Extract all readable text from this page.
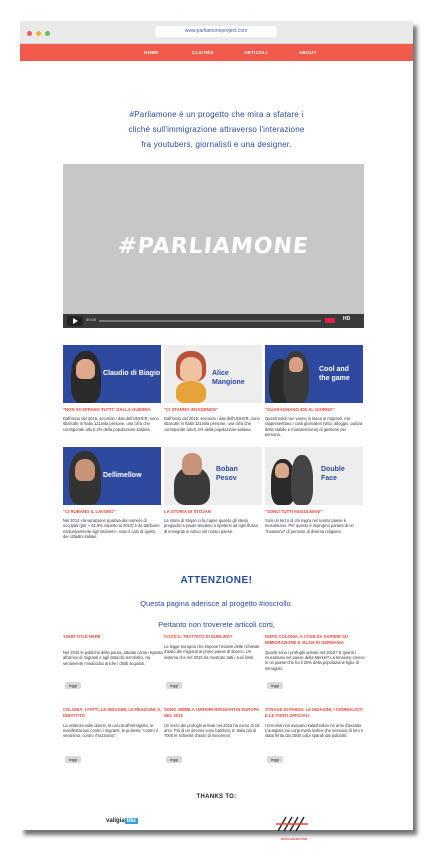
www.parliamoneproject.com
HOME	CLICHÈS	ARTICOLI	ABOUT
#Parliamone è un progetto che mira a sfatare i
cliché sull'immigrazione attraverso l'interazione
fra youtubers, giornalisti e una designer.
#PARLIAMONE
00:00	HD
Claudio di Biagio
"NON SCAPPANO TUTTI" DALLA GUERRA
Dall'inizio del 2015, secondo i dati dell'UNHCR, sono sbarcate in Italia 121mila persone, una cifra che corrisponde allo 0,2% della popolazione italiana.
Alice Mangione
"CI STANNO INVADENDO"
Dall'inizio del 2015, secondo i dati dell'UNHCR, sono sbarcate in Italia 121mila persone, una cifra che corrisponde allo 0,2% della popolazione italiana.
Cool and the game
"GUADAGNANO 40€ AL GIORNO"
Questi soldi non vanno in tasca ai migranti, ma rappresentano i costi giornalieri (vitto, alloggio, pulizia della stabile e manutenzione) di gestione per persona.
Dellimellow
"CI RUBANO IL LAVORO"
Nel 2014 «la variazione positiva del numero di occupati (per + 61,8% rispetto al 2013) è da attribuire esclusivamente agli stranieri», visto il calo di quello dei cittadini italiani.
Boban Pesov
LA STORIA DI STOJAN
La storia di Stojan ci fa capire quanto gli stessi pregiudizi e paure tendano a ripetersi ad ogni flusso di immigrati in arrivo nel nostro paese.
Double Face
"SONO TUTTI MUSULMANI"
Solo un terzo di chi migra nel nostro paese è musulmano. Per questo è improprio parlare di un "invasione" di persone di diversa religione.
ATTENZIONE!
Questa pagina aderisce al progetto #ioscrollo.
Pertanto non troverete articoli corti,
YOUR TITLE HERE
Nel 2015 le politiche della paura, attuate come risposta all'arrivo di migranti e agli attacchi terroristici, ha seriamente minacciato anche i diritti acquisiti.
leggi
COS'È IL TRATTATO DI DUBLINO?
La legge europea che impone l'esame delle richieste d'asilo dei migranti al primo paese di sbarco. Un sistema che nel 2015 ha mostrato tutti i suoi limiti.
leggi
DOPO COLONIA, 5 COSE DA SAPERE SU IMMIGRAZIONE E ISLAM IN GERMANIA
Quanti sono i profughi arrivati nel 2015? E quanti i musulmani nel paese della Merkel? La tensione cresce in un paese che ha il 20% della popolazione figlio di immigrati.
leggi
COLONIA: I FATTI, LE INDAGINI, LE REAZIONI, IL DIBATTITO
La violenza sulle donne, la caccia all'immigrato, le manifestazioni contro i migranti, le proteste "contro il sessismo, contro il razzismo".
leggi
SONO 400MILA I MINORI RIFUGIATI IN EUROPA NEL 2015
Un terzo dei profughi arrivati nel 2015 ha meno di 18 anni. Più di un decimo sono bambini. In Italia più di 7000 le richieste d'asilo di minorenni.
leggi
STRAGE DI PARIGI: LE INDAGINI, I GIORNALISTI E LE FONTI UFFICIALI
I terroristi non avevano kalashnikov né armi d'assalto. L'autopsia sui corpi rivela inoltre che nessuna di loro è stata ferita dai 1500 colpi sparati dai poliziotti.
leggi
THANKS TO:
valigia blu
OPEN MIGRATION
